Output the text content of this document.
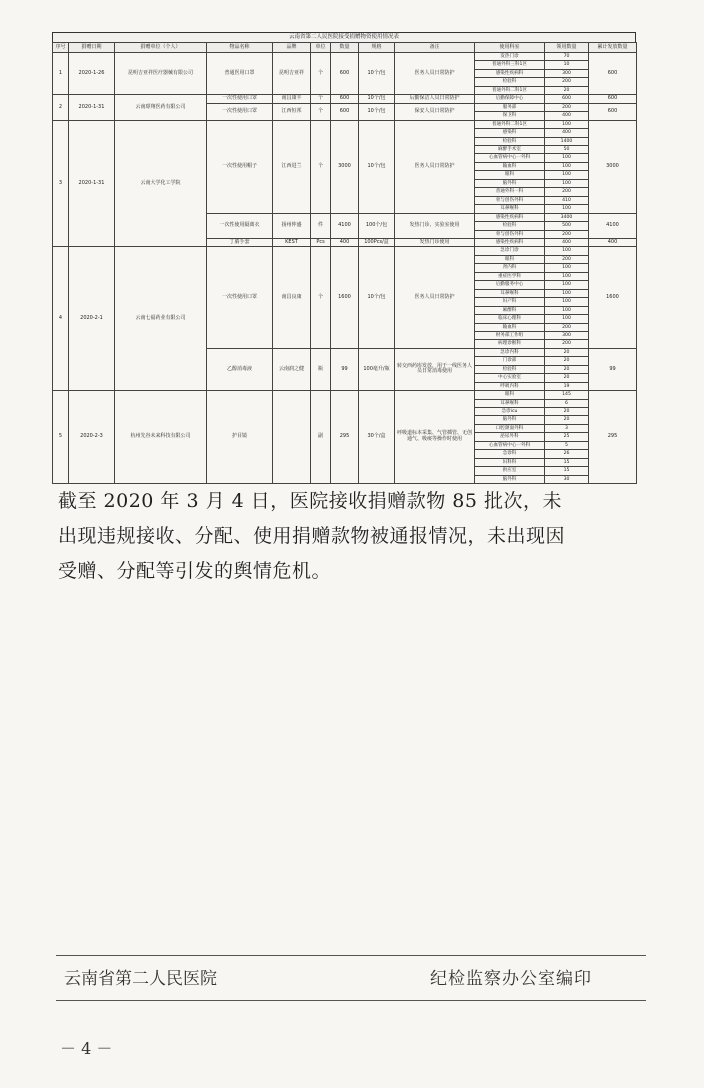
云南省第二人民医院接受捐赠物资使用情况表
序号	捐赠日期	捐赠单位（个人）	物品名称	品牌	单位	数量	规格	备注	使用科室	领用数量	累计发放数量
1	2020-1-26	昆明吉亚祥医疗器械有限公司	普通医用口罩	昆明吉亚祥	个	600	10个/包	医务人员日常防护	发热门诊	70	600
									普通外科三科1区	10	
									感染性疾病科	300	
									检验科	200	
									普通外科二科1区	20	
2	2020-1-31	云南璟翔医药有限公司	一次性使用口罩	南昌康丰	个	600	10个/包	后勤保洁人员日常防护	后勤保障中心	600	600
			一次性使用口罩	江西恒邦	个	600	10个/包	保安人员日常防护	服务部	200	600
									保卫科	400	
3	2020-1-31	云南大学化工学院	一次性使用帽子	江西进兰	个	3000	10个/包	医务人员日常防护	普通外科二科1区	100	3000
									感染科	400	
									检验科	1400	
									麻醉手术室	50	
									心血管病中心一外科	100	
									输血科	100	
									眼科	100	
									脑外科	100	
									普通外科一科	200	
									骨与创伤外科	410	
									耳鼻喉科	100	
			一次性使用隔离衣	扬州仲盛	件	4100	100个/包	发热门诊、实验室使用	感染性疾病科	3400	4100
									检验科	500	
									骨与创伤外科	200	
			丁腈手套	KEST	Pcs	400	100Pcs/盒	发热门诊使用	感染性疾病科	400	400
4	2020-2-1	云南七福药业有限公司	一次性使用口罩	南昌良康	个	1600	10个/包	医务人员日常防护	急诊门诊	100	1600
									眼科	200	
									肾内科	100	
									重症医学科	100	
									后勤服务中心	100	
									耳鼻喉科	100	
									妇产科	100	
									麻醉科	100	
									临床心理科	100	
									输血科	200	
									财务部工作组	300	
									病理诊断科	200	
			乙醇消毒液	云南润之健	瓶	99	100毫升/瓶	转交西药库发放，用于一线医务人员日常消毒使用	急诊内科	20	99
									门诊部	20	
									检验科	20	
									中心实验室	20	
									呼吸内科	19	
5	2020-2-3	杭州先谷未来科技有限公司	护目镜		副	295	30个/盒	呼吸道标本采集、气管插管、无创通气、吸痰等操作时使用	眼科	145	295
									耳鼻喉科	6	
									急诊icu	20	
									脑外科	20	
									口腔颌面外科	3	
									泌尿外科	25	
									心血管病中心一外科	5	
									急诊科	26	
									妇科科	15	
									供应室	15	
									脑外科	30	
截至 2020 年 3 月 4 日，医院接收捐赠款物 85 批次，未
出现违规接收、分配、使用捐赠款物被通报情况，未出现因
受赠、分配等引发的舆情危机。
云南省第二人民医院	纪检监察办公室编印
－ 4 －
